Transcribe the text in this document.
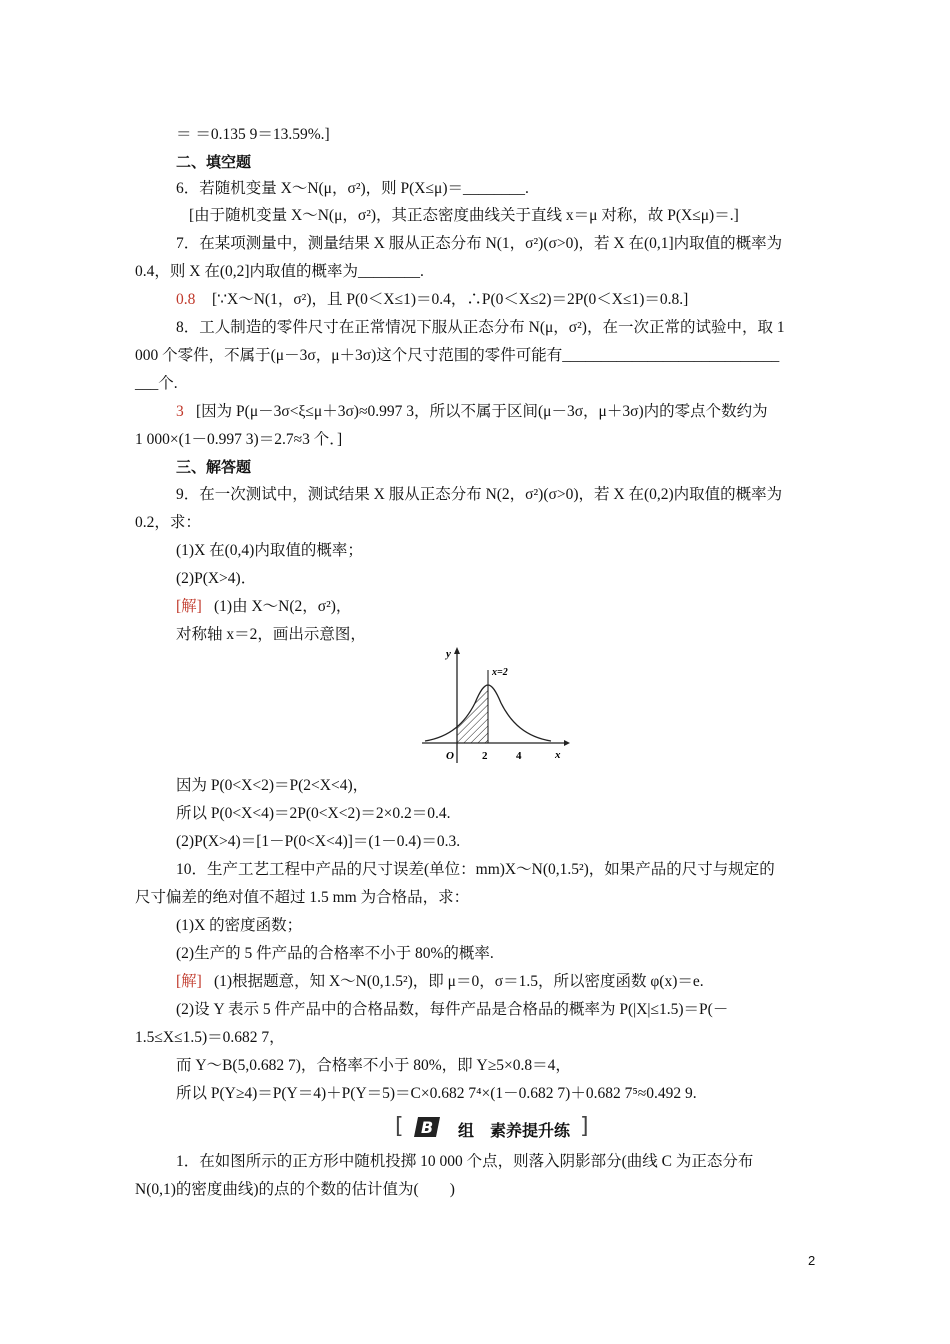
＝ ＝0.135 9＝13.59%.]
二、填空题
6．若随机变量 X～N(μ，σ²)，则 P(X≤μ)＝________.
[由于随机变量 X～N(μ，σ²)，其正态密度曲线关于直线 x＝μ 对称，故 P(X≤μ)＝.]
7．在某项测量中，测量结果 X 服从正态分布 N(1，σ²)(σ>0)，若 X 在(0,1]内取值的概率为
0.4，则 X 在(0,2]内取值的概率为________.
0.8 [∵X～N(1，σ²)，且 P(0＜X≤1)＝0.4，∴P(0＜X≤2)＝2P(0＜X≤1)＝0.8.]
8．工人制造的零件尺寸在正常情况下服从正态分布 N(μ，σ²)，在一次正常的试验中，取 1
000 个零件，不属于(μ－3σ，μ＋3σ)这个尺寸范围的零件可能有____________________________
___个.
3 [因为 P(μ－3σ<ξ≤μ＋3σ)≈0.997 3，所以不属于区间(μ－3σ，μ＋3σ)内的零点个数约为
1 000×(1－0.997 3)＝2.7≈3 个．]
三、解答题
9．在一次测试中，测试结果 X 服从正态分布 N(2，σ²)(σ>0)，若 X 在(0,2)内取值的概率为
0.2，求：
(1)X 在(0,4)内取值的概率；
(2)P(X>4)．
[解] (1)由 X～N(2，σ²)，
对称轴 x＝2，画出示意图，
y
x
O	2	4
x=2
因为 P(0<X<2)＝P(2<X<4)，
所以 P(0<X<4)＝2P(0<X<2)＝2×0.2＝0.4.
(2)P(X>4)＝[1－P(0<X<4)]＝(1－0.4)＝0.3.
10．生产工艺工程中产品的尺寸误差(单位：mm)X～N(0,1.5²)，如果产品的尺寸与规定的
尺寸偏差的绝对值不超过 1.5 mm 为合格品，求：
(1)X 的密度函数；
(2)生产的 5 件产品的合格率不小于 80%的概率.
[解] (1)根据题意，知 X～N(0,1.5²)，即 μ＝0，σ＝1.5，所以密度函数 φ(x)＝e.
(2)设 Y 表示 5 件产品中的合格品数，每件产品是合格品的概率为 P(|X|≤1.5)＝P(－
1.5≤X≤1.5)＝0.682 7，
而 Y～B(5,0.682 7)，合格率不小于 80%，即 Y≥5×0.8＝4，
所以 P(Y≥4)＝P(Y＝4)＋P(Y＝5)＝C×0.682 7⁴×(1－0.682 7)＋0.682 7⁵≈0.492 9.
[ B 组　素养提升练 ]
1．在如图所示的正方形中随机投掷 10 000 个点，则落入阴影部分(曲线 C 为正态分布
N(0,1)的密度曲线)的点的个数的估计值为(　　)
2
